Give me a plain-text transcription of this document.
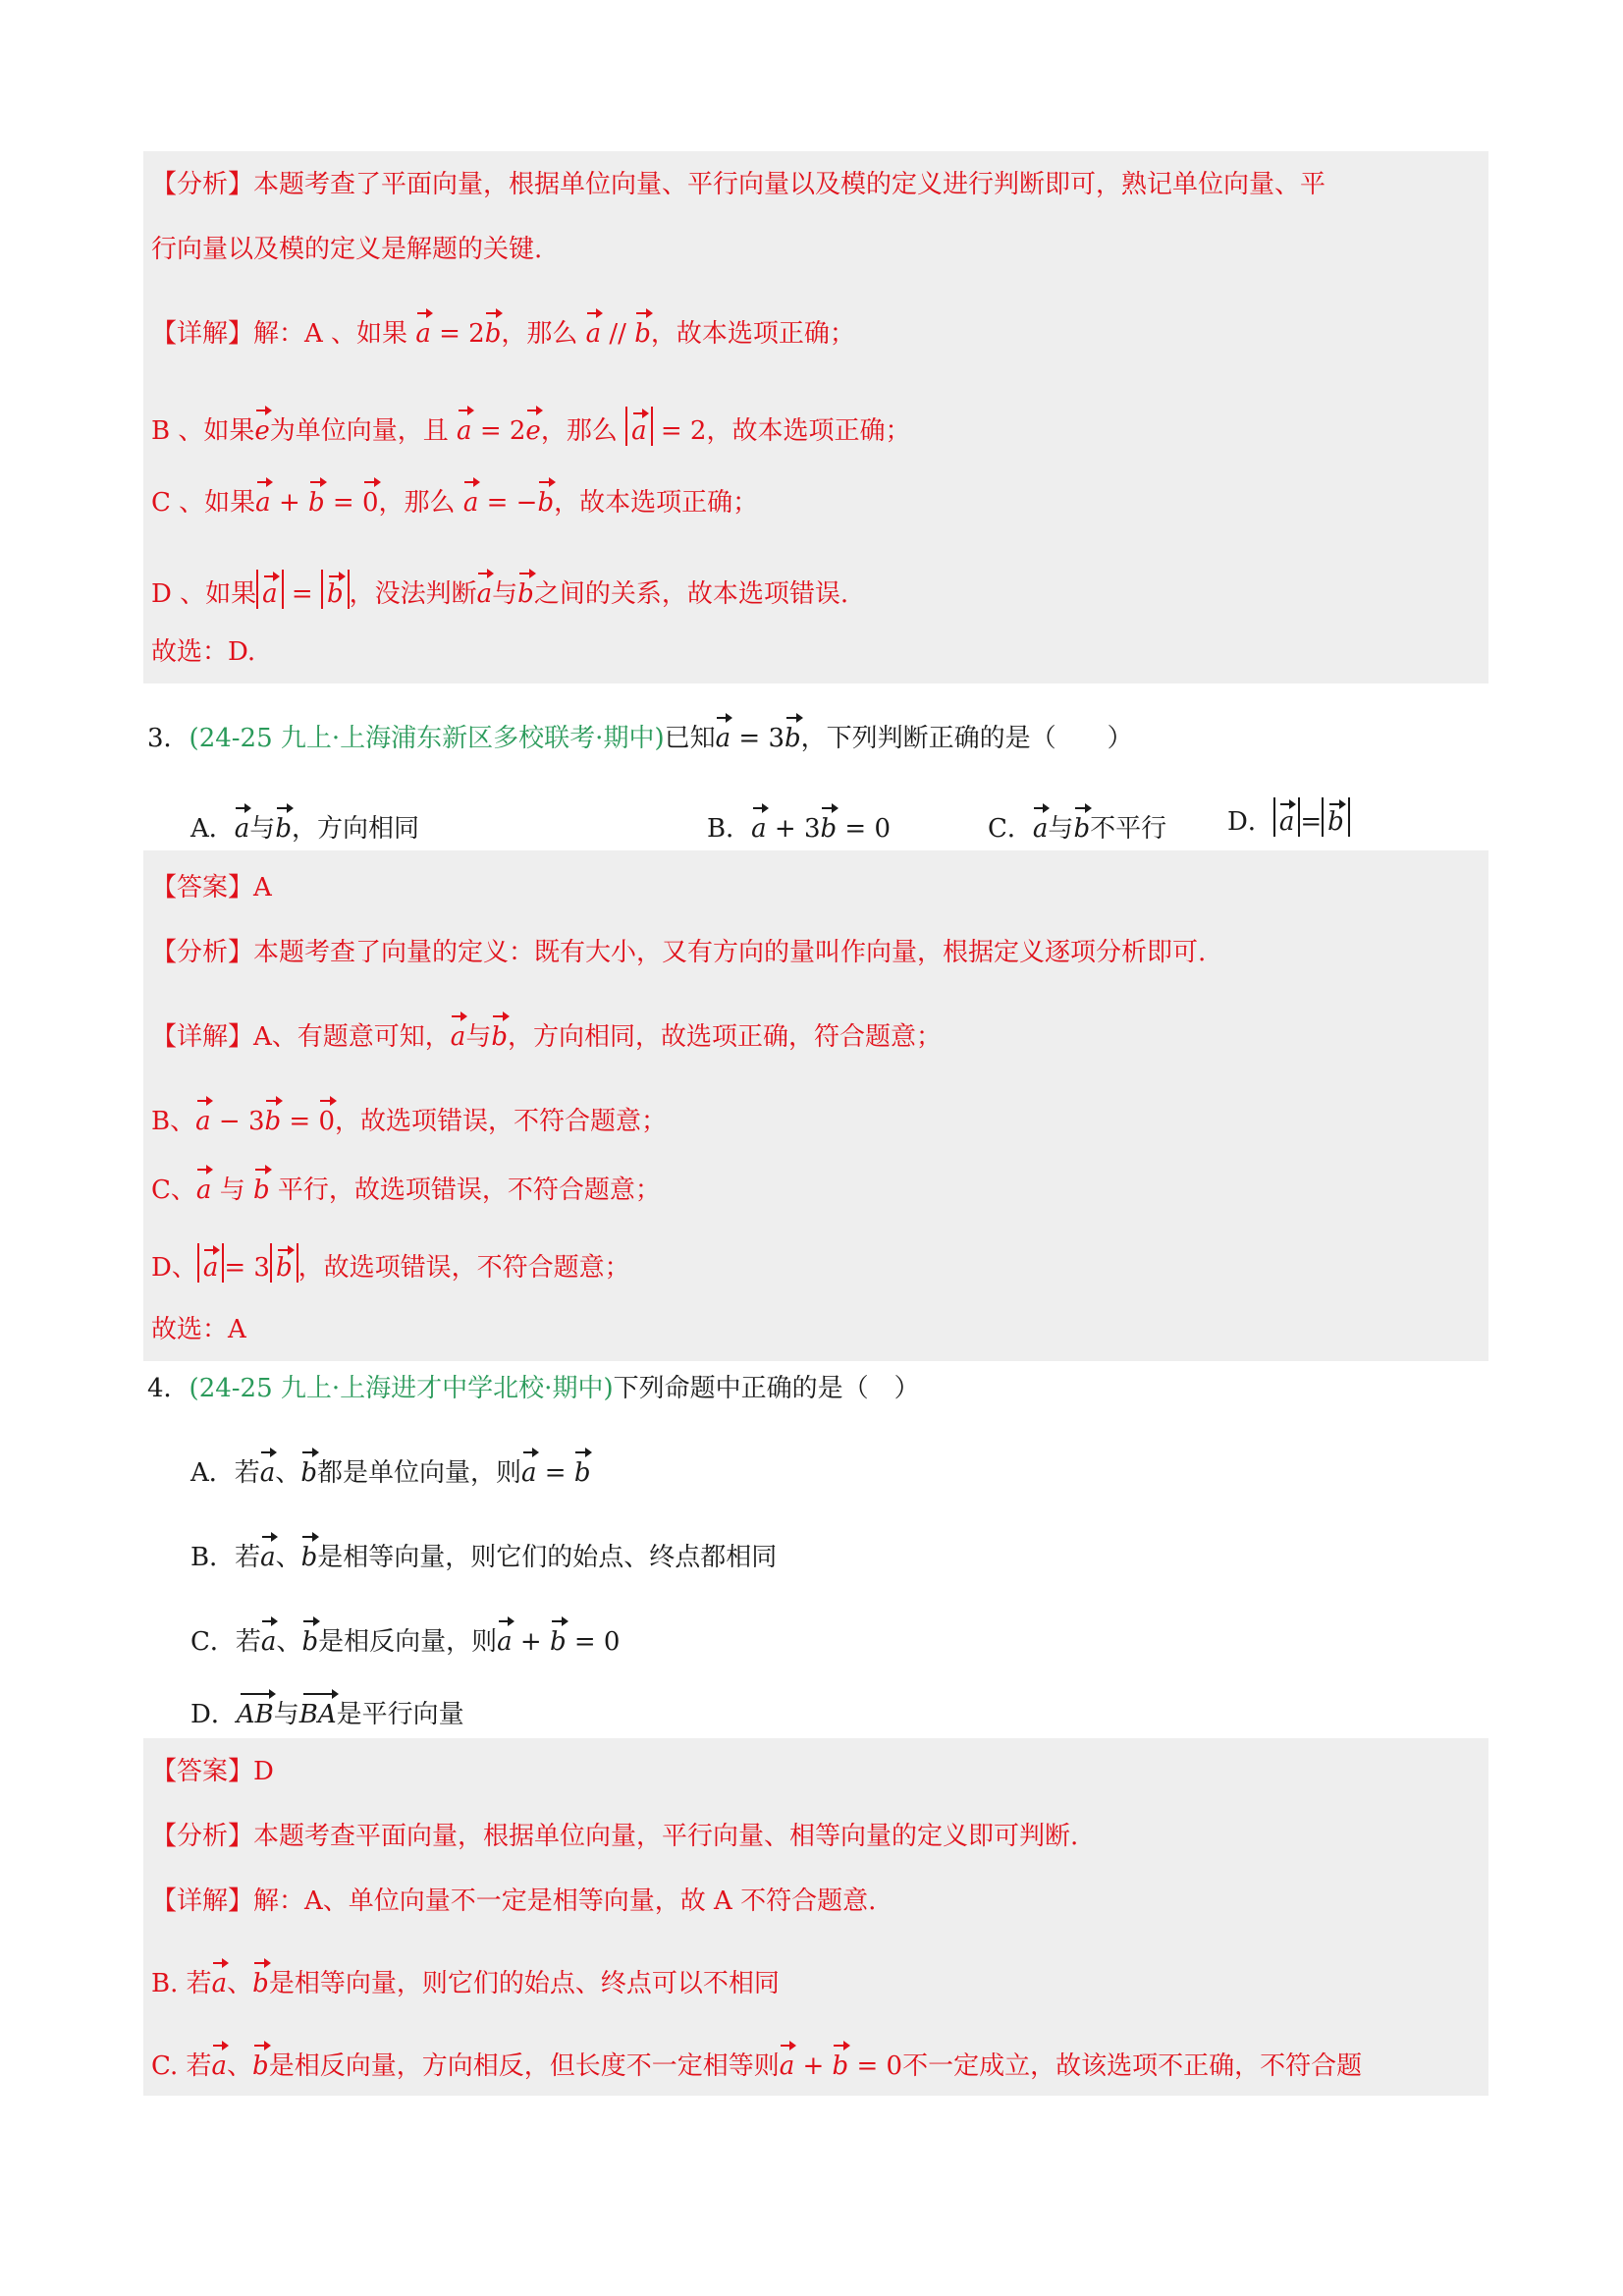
【分析】本题考查了平面向量，根据单位向量、平行向量以及模的定义进行判断即可，熟记单位向量、平
行向量以及模的定义是解题的关键.
【详解】解：A 、如果 a = 2b，那么 a // b，故本选项正确；
B 、如果e为单位向量，且 a = 2e，那么 a = 2，故本选项正确；
C 、如果a + b = 0，那么 a = −b，故本选项正确；
D 、如果 a = b ，没法判断a与b之间的关系，故本选项错误.
故选：D.
3．(24-25 九上·上海浦东新区多校联考·期中)已知a = 3b，下列判断正确的是（　　）
A．a与b，方向相同	B．a + 3b = 0	C．a与b不平行 D． a = b
【答案】A
【分析】本题考查了向量的定义：既有大小，又有方向的量叫作向量，根据定义逐项分析即可.
【详解】A、有题意可知，a与b，方向相同，故选项正确，符合题意；
B、a − 3b = 0，故选项错误，不符合题意；
C、a 与 b 平行，故选项错误，不符合题意；
D、 a = 3 b ，故选项错误，不符合题意；
故选：A
4．(24-25 九上·上海进才中学北校·期中)下列命题中正确的是（　）
A．若a、b都是单位向量，则a = b
B．若a、b是相等向量，则它们的始点、终点都相同
C．若a、b是相反向量，则a + b = 0
D．AB与BA是平行向量
【答案】D
【分析】本题考查平面向量，根据单位向量，平行向量、相等向量的定义即可判断.
【详解】解：A、单位向量不一定是相等向量，故 A 不符合题意.
B. 若a、b是相等向量，则它们的始点、终点可以不相同
C. 若a、b是相反向量，方向相反，但长度不一定相等则a + b = 0不一定成立，故该选项不正确，不符合题
